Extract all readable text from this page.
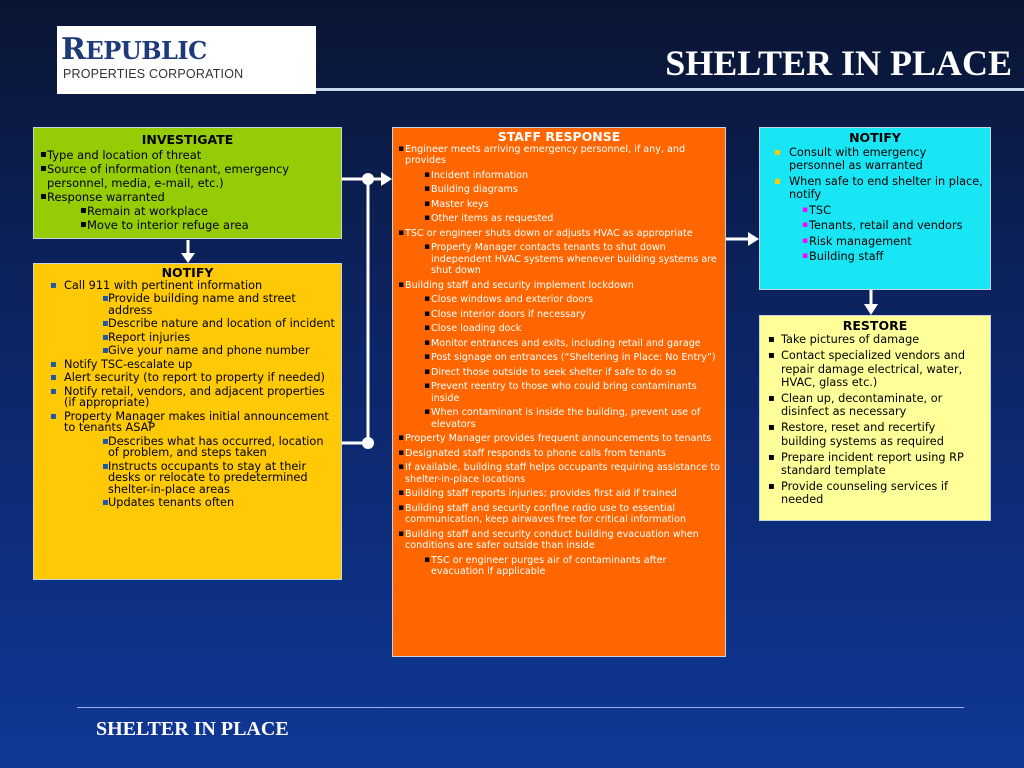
REPUBLIC
PROPERTIES CORPORATION	SHELTER IN PLACE
INVESTIGATE
▪ Type and location of threat
▪ Source of information (tenant, emergency personnel, media, e-mail, etc.)
▪ Response warranted
▪ Remain at workplace
▪ Move to interior refuge area
NOTIFY
▪ Call 911 with pertinent information
▪ Provide building name and street address
▪ Describe nature and location of incident
▪ Report injuries
▪ Give your name and phone number
▪ Notify TSC-escalate up
▪ Alert security (to report to property if needed)
▪ Notify retail, vendors, and adjacent properties (if appropriate)
▪ Property Manager makes initial announcement to tenants ASAP
▪ Describes what has occurred, location of problem, and steps taken
▪ Instructs occupants to stay at their desks or relocate to predetermined shelter-in-place areas
▪ Updates tenants often
STAFF RESPONSE
▪ Engineer meets arriving emergency personnel, if any, and provides
▪ Incident information
▪ Building diagrams
▪ Master keys
▪ Other items as requested
▪ TSC or engineer shuts down or adjusts HVAC as appropriate
▪ Property Manager contacts tenants to shut down independent HVAC systems whenever building systems are shut down
▪ Building staff and security implement lockdown
▪ Close windows and exterior doors
▪ Close interior doors if necessary
▪ Close loading dock
▪ Monitor entrances and exits, including retail and garage
▪ Post signage on entrances (“Sheltering in Place: No Entry”)
▪ Direct those outside to seek shelter if safe to do so
▪ Prevent reentry to those who could bring contaminants inside
▪ When contaminant is inside the building, prevent use of elevators
▪ Property Manager provides frequent announcements to tenants
▪ Designated staff responds to phone calls from tenants
▪ If available, building staff helps occupants requiring assistance to shelter-in-place locations
▪ Building staff reports injuries; provides first aid if trained
▪ Building staff and security confine radio use to essential communication, keep airwaves free for critical information
▪ Building staff and security conduct building evacuation when conditions are safer outside than inside
▪ TSC or engineer purges air of contaminants after evacuation if applicable
NOTIFY
▪ Consult with emergency personnel as warranted
▪ When safe to end shelter in place, notify
▪ TSC
▪ Tenants, retail and vendors
▪ Risk management
▪ Building staff
RESTORE
▪ Take pictures of damage
▪ Contact specialized vendors and repair damage electrical, water, HVAC, glass etc.)
▪ Clean up, decontaminate, or disinfect as necessary
▪ Restore, reset and recertify building systems as required
▪ Prepare incident report using RP standard template
▪ Provide counseling services if needed
SHELTER IN PLACE
